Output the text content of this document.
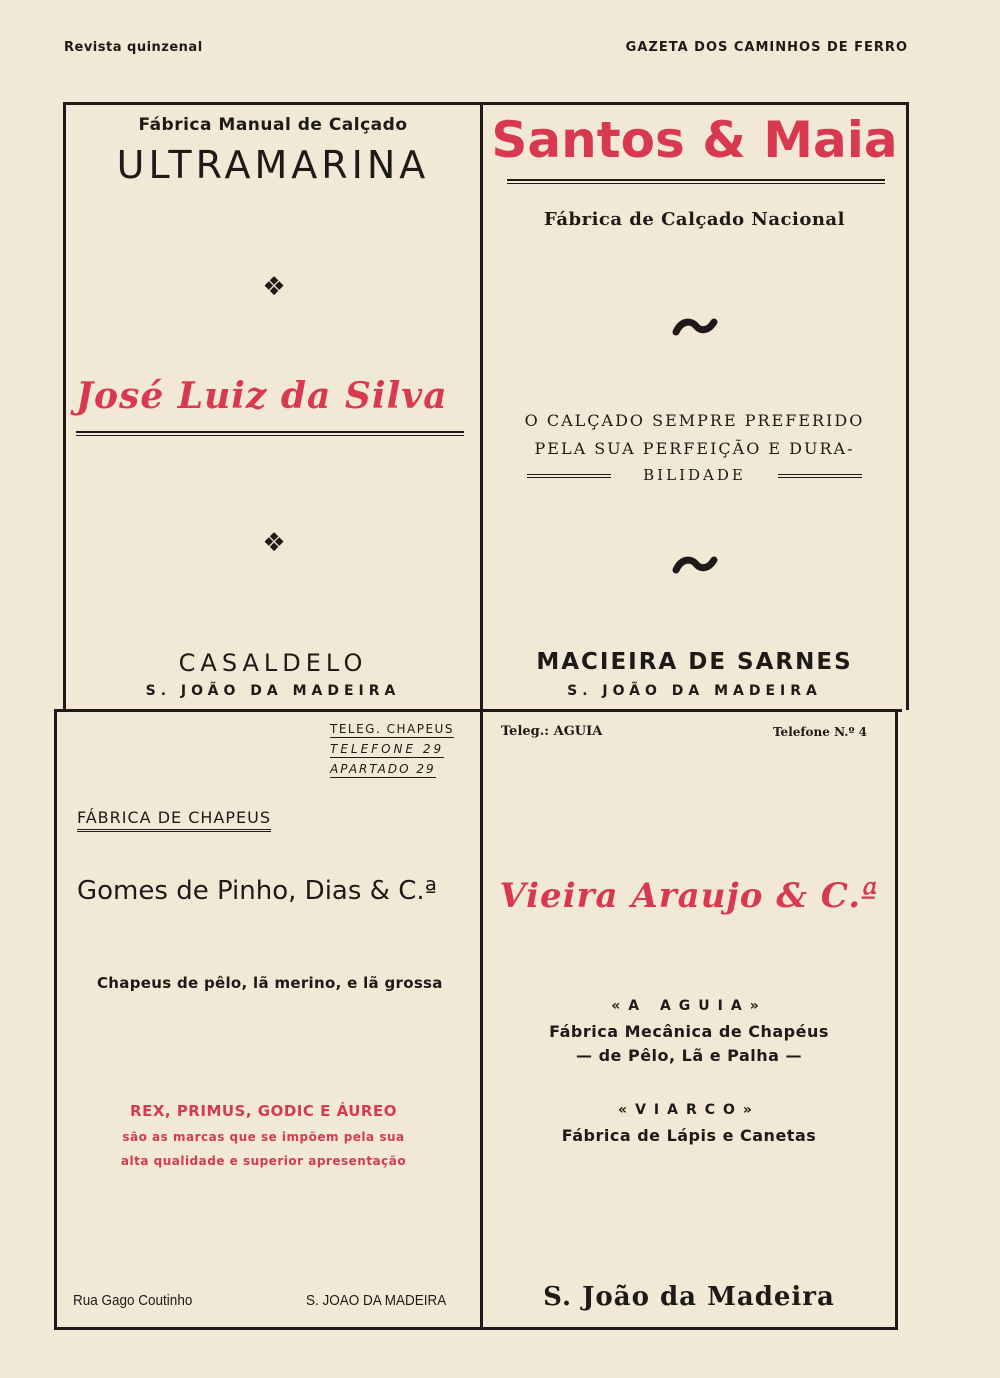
Revista quinzenal	GAZETA DOS CAMINHOS DE FERRO
Fábrica Manual de Calçado
ULTRAMARINA
❖
José Luiz da Silva
❖
CASALDELO
S. JOÃO DA MADEIRA
Santos & Maia
Fábrica de Calçado Nacional
O CALÇADO SEMPRE PREFERIDO
PELA SUA PERFEIÇÃO E DURA-
BILIDADE
MACIEIRA DE SARNES
S. JOÃO DA MADEIRA
TELEG. CHAPEUS
TELEFONE 29
APARTADO 29
FÁBRICA DE CHAPEUS
Gomes de Pinho, Dias & C.ª
Chapeus de pêlo, lã merino, e lã grossa
REX, PRIMUS, GODIC E ÁUREO
são as marcas que se impõem pela sua
alta qualidade e superior apresentação
Rua Gago Coutinho	S. JOAO DA MADEIRA
Teleg.: AGUIA	Telefone N.º 4
Vieira Araujo & C.ª
«A AGUIA»
Fábrica Mecânica de Chapéus
— de Pêlo, Lã e Palha —
«VIARCO»
Fábrica de Lápis e Canetas
S. João da Madeira
